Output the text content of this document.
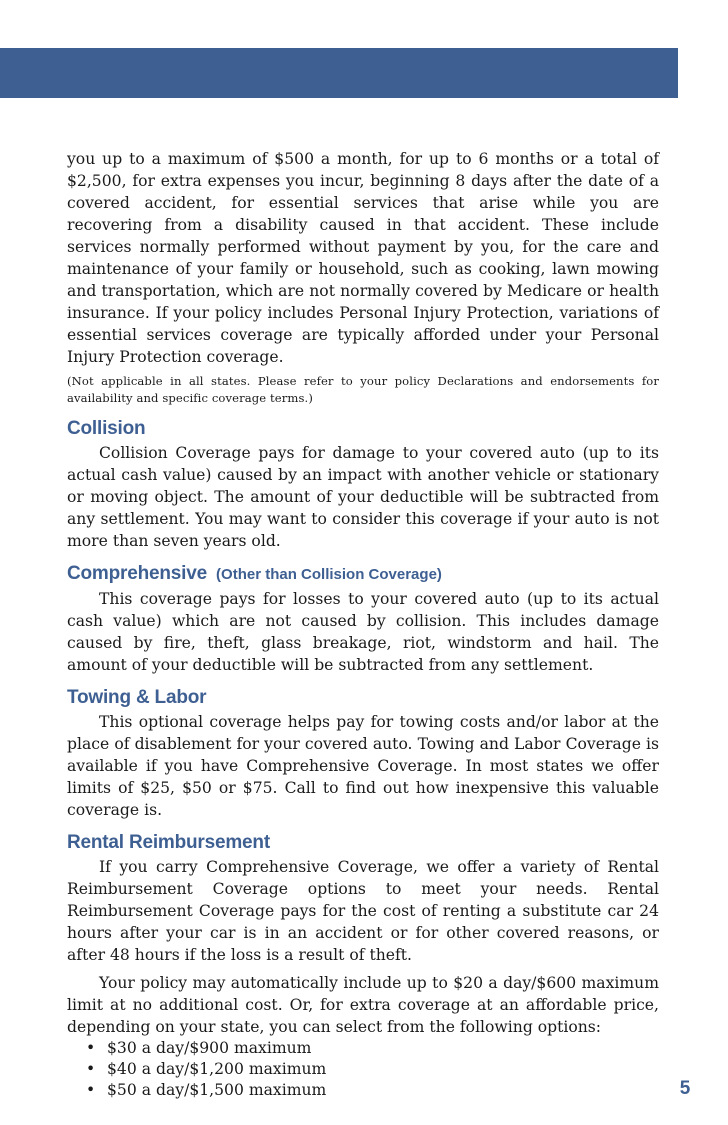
you up to a maximum of $500 a month, for up to 6 months or a total of $2,500, for extra expenses you incur, beginning 8 days after the date of a covered accident, for essential services that arise while you are recovering from a disability caused in that accident. These include services normally performed without payment by you, for the care and maintenance of your family or household, such as cooking, lawn mowing and transportation, which are not normally covered by Medicare or health insurance. If your policy includes Personal Injury Protection, variations of essential services coverage are typically afforded under your Personal Injury Protection coverage.

(Not applicable in all states. Please refer to your policy Declarations and endorsements for availability and specific coverage terms.)

Collision

Collision Coverage pays for damage to your covered auto (up to its actual cash value) caused by an impact with another vehicle or stationary or moving object. The amount of your deductible will be subtracted from any settlement. You may want to consider this coverage if your auto is not more than seven years old.

Comprehensive (Other than Collision Coverage)

This coverage pays for losses to your covered auto (up to its actual cash value) which are not caused by collision. This includes damage caused by fire, theft, glass breakage, riot, windstorm and hail. The amount of your deductible will be subtracted from any settlement.

Towing & Labor

This optional coverage helps pay for towing costs and/or labor at the place of disablement for your covered auto. Towing and Labor Coverage is available if you have Comprehensive Coverage. In most states we offer limits of $25, $50 or $75. Call to find out how inexpensive this valuable coverage is.

Rental Reimbursement

If you carry Comprehensive Coverage, we offer a variety of Rental Reimbursement Coverage options to meet your needs. Rental Reimbursement Coverage pays for the cost of renting a substitute car 24 hours after your car is in an accident or for other covered reasons, or after 48 hours if the loss is a result of theft.

Your policy may automatically include up to $20 a day/$600 maximum limit at no additional cost. Or, for extra coverage at an affordable price, depending on your state, you can select from the following options:

• $30 a day/$900 maximum
• $40 a day/$1,200 maximum
• $50 a day/$1,500 maximum	5
